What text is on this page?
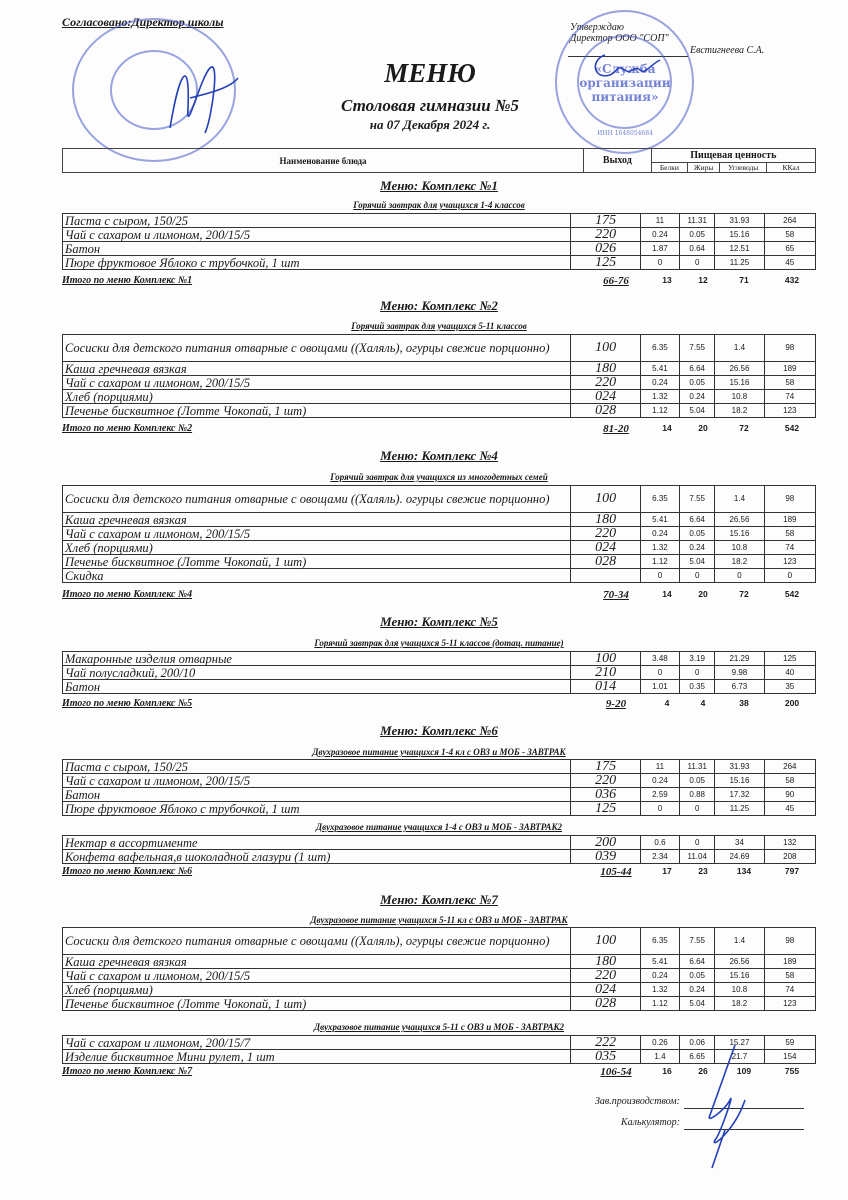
Согласовано:Директор школы	Утверждаю
Директор ООО "СОП"
Евстигнеева С.А.
«Служба организации питания»
ИНН 1648054684
МЕНЮ
Столовая гимназии №5
на 07 Декабря 2024 г.
Наименование блюда	Выход	Пищевая ценность			
		Белки	Жиры	Углеводы	ККал
Меню: Комплекс №1
Горячий завтрак для учащихся 1-4 классов
Паста с сыром, 150/25	175	11	11.31	31.93	264
Чай с сахаром и лимоном, 200/15/5	220	0.24	0.05	15.16	58
Батон	026	1.87	0.64	12.51	65
Пюре фруктовое Яблоко с трубочкой, 1 шт	125	0	0	11.25	45
Итого по меню Комплекс №1	66-76	13	12	71	432
Меню: Комплекс №2
Горячий завтрак для учащихся 5-11 классов
Сосиски для детского питания отварные с овощами ((Халяль), огурцы свежие порционно)	100	6.35	7.55	1.4	98
Каша гречневая вязкая	180	5.41	6.64	26.56	189
Чай с сахаром и лимоном, 200/15/5	220	0.24	0.05	15.16	58
Хлеб (порциями)	024	1.32	0.24	10.8	74
Печенье бисквитное (Лотте Чокопай, 1 шт)	028	1.12	5.04	18.2	123
Итого по меню Комплекс №2	81-20	14	20	72	542
Меню: Комплекс №4
Горячий завтрак для учащихся из многодетных семей
Сосиски для детского питания отварные с овощами ((Халяль). огурцы свежие порционно)	100	6.35	7.55	1.4	98
Каша гречневая вязкая	180	5.41	6.64	26.56	189
Чай с сахаром и лимоном, 200/15/5	220	0.24	0.05	15.16	58
Хлеб (порциями)	024	1.32	0.24	10.8	74
Печенье бисквитное (Лотте Чокопай, 1 шт)	028	1.12	5.04	18.2	123
Скидка		0	0	0	0
Итого по меню Комплекс №4	70-34	14	20	72	542
Меню: Комплекс №5
Горячий завтрак для учащихся 5-11 классов (дотац. питание)
Макаронные изделия отварные	100	3.48	3.19	21.29	125
Чай полусладкий, 200/10	210	0	0	9.98	40
Батон	014	1.01	0.35	6.73	35
Итого по меню Комплекс №5	9-20	4	4	38	200
Меню: Комплекс №6
Двухразовое питание учащихся 1-4 кл с ОВЗ и МОБ - ЗАВТРАК
Паста с сыром, 150/25	175	11	11.31	31.93	264
Чай с сахаром и лимоном, 200/15/5	220	0.24	0.05	15.16	58
Батон	036	2.59	0.88	17.32	90
Пюре фруктовое Яблоко с трубочкой, 1 шт	125	0	0	11.25	45
Двухразовое питание учащихся 1-4 с ОВЗ и МОБ - ЗАВТРАК2
Нектар в ассортименте	200	0.6	0	34	132
Конфета вафельная,в шоколадной глазури (1 шт)	039	2.34	11.04	24.69	208
Итого по меню Комплекс №6	105-44	17	23	134	797
Меню: Комплекс №7
Двухразовое питание учащихся 5-11 кл с ОВЗ и МОБ - ЗАВТРАК
Сосиски для детского питания отварные с овощами ((Халяль), огурцы свежие порционно)	100	6.35	7.55	1.4	98
Каша гречневая вязкая	180	5.41	6.64	26.56	189
Чай с сахаром и лимоном, 200/15/5	220	0.24	0.05	15.16	58
Хлеб (порциями)	024	1.32	0.24	10.8	74
Печенье бисквитное (Лотте Чокопай, 1 шт)	028	1.12	5.04	18.2	123
Двухразовое питание учащихся 5-11 с ОВЗ и МОБ - ЗАВТРАК2
Чай с сахаром и лимоном, 200/15/7	222	0.26	0.06	15.27	59
Изделие бисквитное Мини рулет, 1 шт	035	1.4	6.65	21.7	154
Итого по меню Комплекс №7	106-54	16	26	109	755
Зав.производством:
Калькулятор:
